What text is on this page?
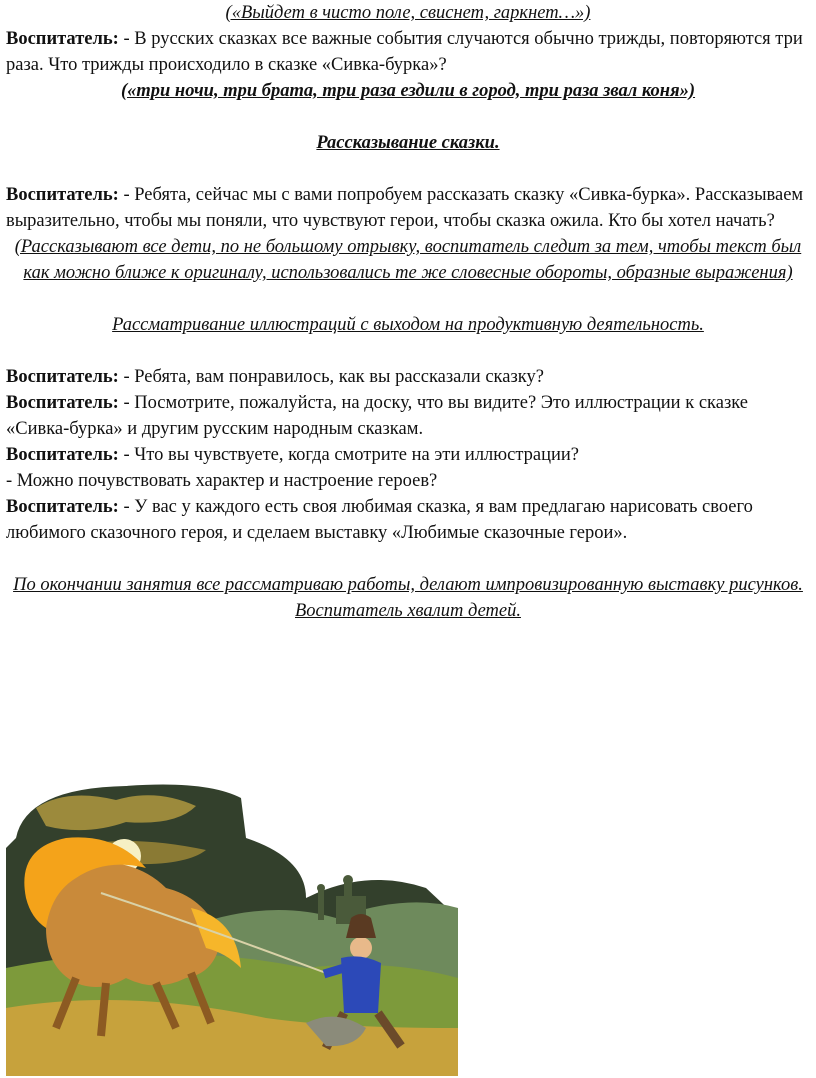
(«Выйдет в чисто поле, свиснет, гаркнет…»)

Воспитатель: - В русских сказках все важные события случаются обычно трижды, повторяются три раза. Что трижды происходило в сказке «Сивка-бурка»?

(«три ночи, три брата, три раза ездили в город, три раза звал коня»)

Рассказывание сказки.

Воспитатель: - Ребята, сейчас мы с вами попробуем рассказать сказку «Сивка-бурка». Рассказываем выразительно, чтобы мы поняли, что чувствуют герои, чтобы сказка ожила. Кто бы хотел начать?

(Рассказывают все дети, по не большому отрывку, воспитатель следит за тем, чтобы текст был как можно ближе к оригиналу, использовались те же словесные обороты, образные выражения)

Рассматривание иллюстраций с выходом на продуктивную деятельность.

Воспитатель: - Ребята, вам понравилось, как вы рассказали сказку?

Воспитатель: - Посмотрите, пожалуйста, на доску, что вы видите? Это иллюстрации к сказке «Сивка-бурка» и другим русским народным сказкам.

Воспитатель: - Что вы чувствуете, когда смотрите на эти иллюстрации?

- Можно почувствовать характер и настроение героев?

Воспитатель: - У вас у каждого есть своя любимая сказка, я вам предлагаю нарисовать своего любимого сказочного героя, и сделаем выставку «Любимые сказочные герои».

По окончании занятия все рассматриваю работы, делают импровизированную выставку рисунков.

Воспитатель хвалит детей.
